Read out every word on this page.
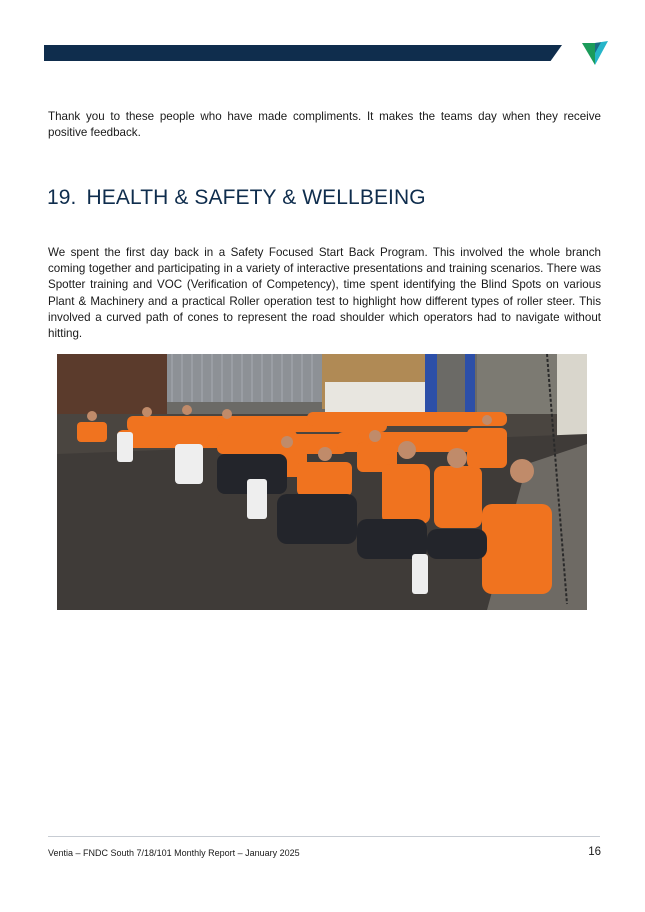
Thank you to these people who have made compliments. It makes the teams day when they receive positive feedback.

19. HEALTH & SAFETY & WELLBEING

We spent the first day back in a Safety Focused Start Back Program. This involved the whole branch coming together and participating in a variety of interactive presentations and training scenarios. There was Spotter training and VOC (Verification of Competency), time spent identifying the Blind Spots on various Plant & Machinery and a practical Roller operation test to highlight how different types of roller steer. This involved a curved path of cones to represent the road shoulder which operators had to navigate without hitting.

Ventia – FNDC South 7/18/101 Monthly Report – January 2025	16
